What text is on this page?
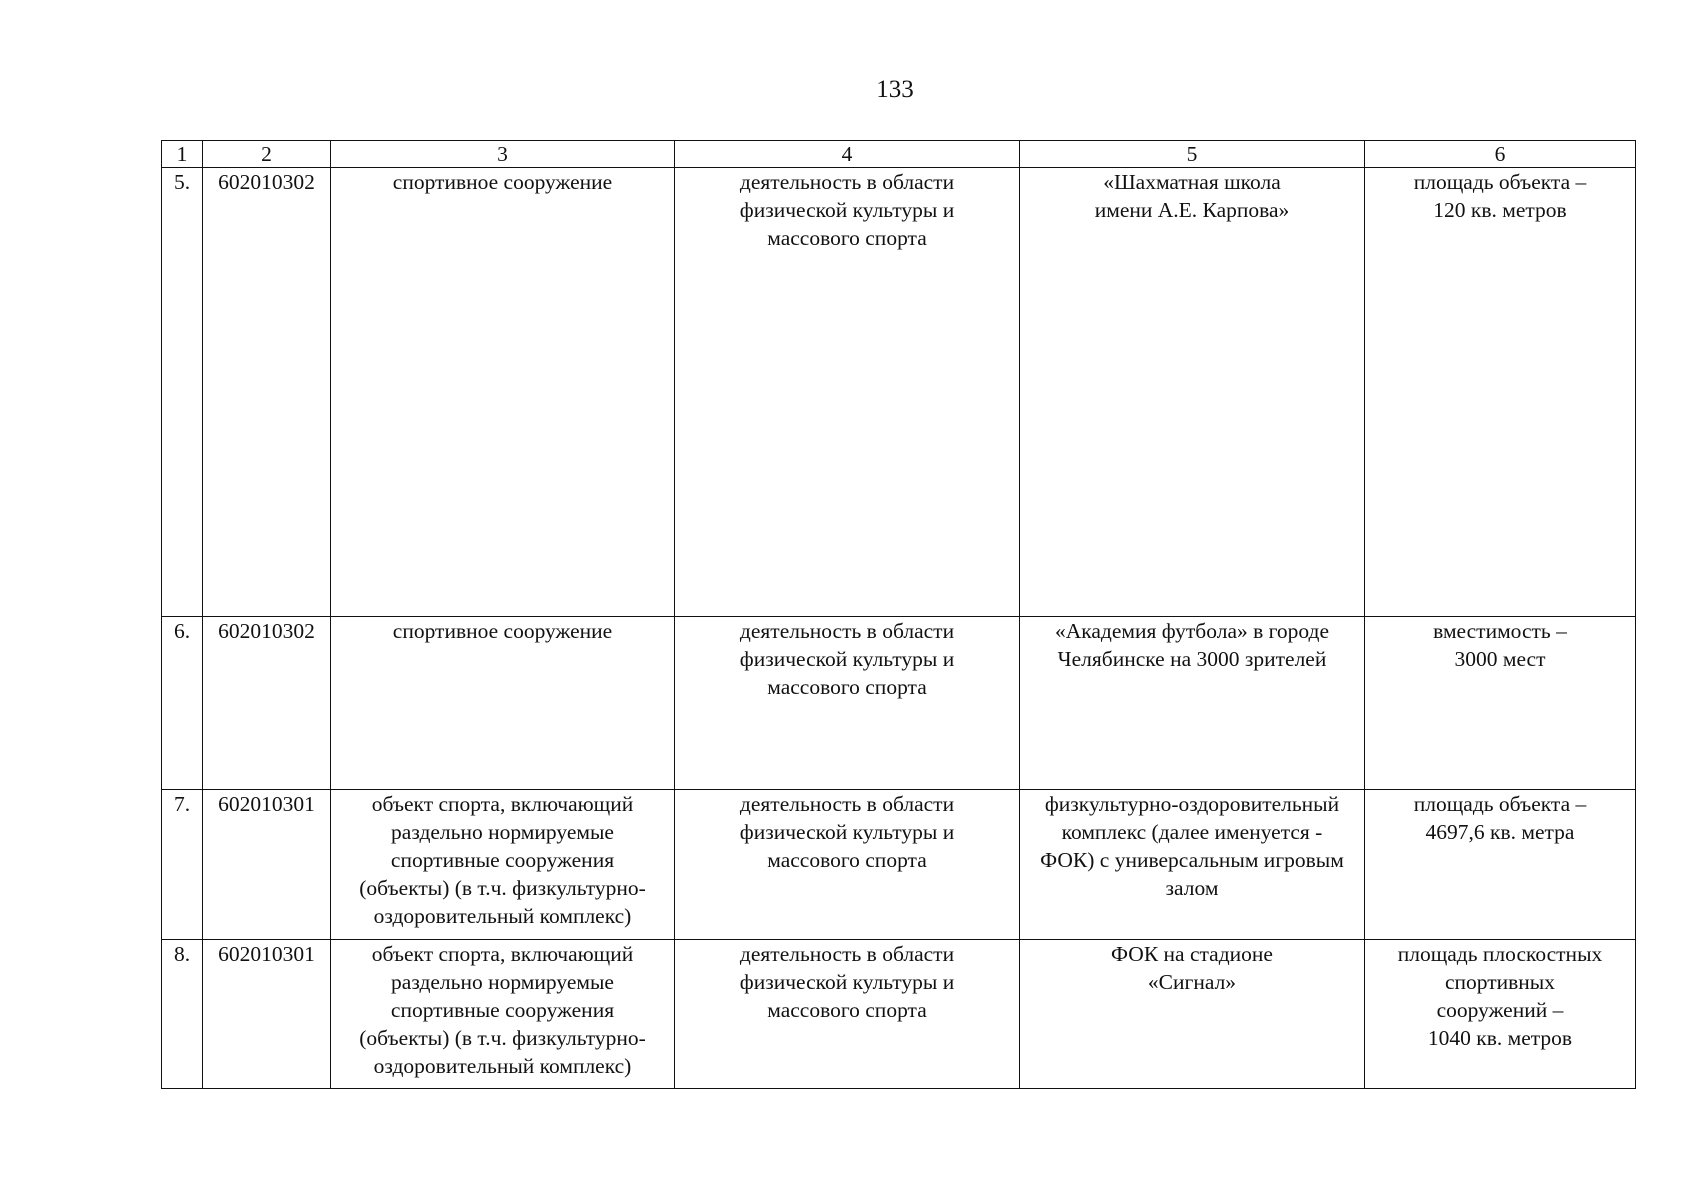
133
1	2	3	4	5	6
5.	602010302	спортивное сооружение	деятельность в области
физической культуры и
массового спорта	«Шахматная школа
имени А.Е. Карпова»	площадь объекта –
120 кв. метров
6.	602010302	спортивное сооружение	деятельность в области
физической культуры и
массового спорта	«Академия футбола» в городе
Челябинске на 3000 зрителей	вместимость –
3000 мест
7.	602010301	объект спорта, включающий
раздельно нормируемые
спортивные сооружения
(объекты) (в т.ч. физкультурно-
оздоровительный комплекс)	деятельность в области
физической культуры и
массового спорта	физкультурно-оздоровительный
комплекс (далее именуется -
ФОК) с универсальным игровым
залом	площадь объекта –
4697,6 кв. метра
8.	602010301	объект спорта, включающий
раздельно нормируемые
спортивные сооружения
(объекты) (в т.ч. физкультурно-
оздоровительный комплекс)	деятельность в области
физической культуры и
массового спорта	ФОК на стадионе
«Сигнал»	площадь плоскостных
спортивных
сооружений –
1040 кв. метров
